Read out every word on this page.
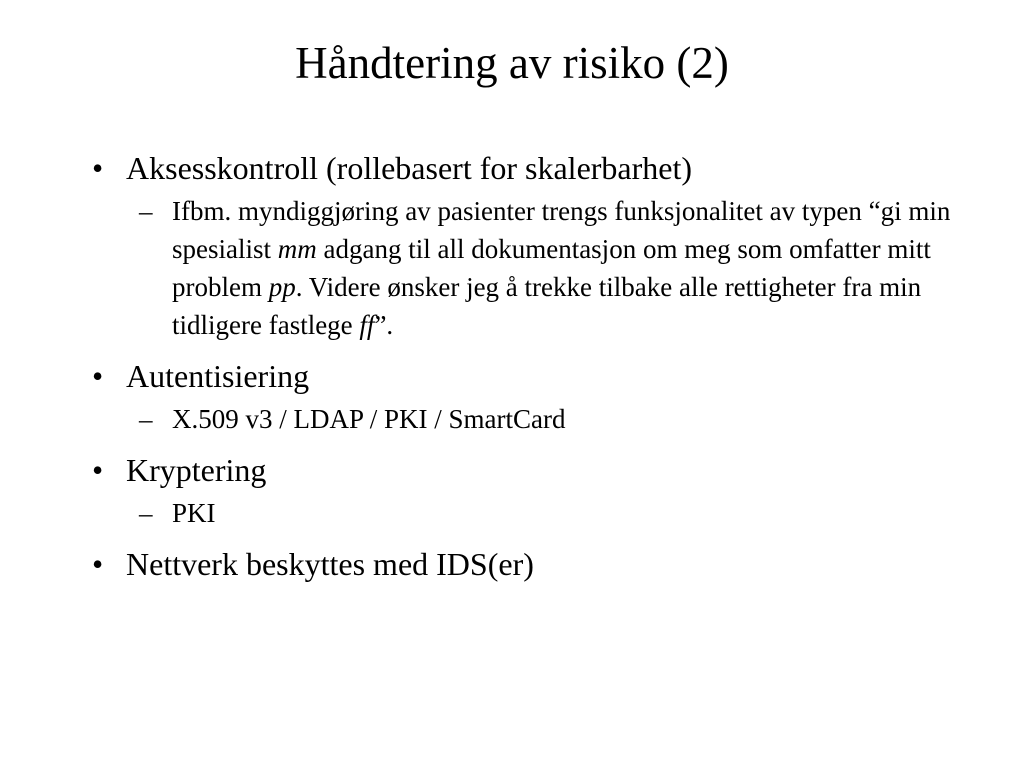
Håndtering av risiko (2)
• Aksesskontroll (rollebasert for skalerbarhet)
– Ifbm. myndiggjøring av pasienter trengs funksjonalitet av typen “gi min spesialist mm adgang til all dokumentasjon om meg som omfatter mitt problem pp. Videre ønsker jeg å trekke tilbake alle rettigheter fra min tidligere fastlege ff”.
• Autentisiering
– X.509 v3 / LDAP / PKI / SmartCard
• Kryptering
– PKI
• Nettverk beskyttes med IDS(er)
